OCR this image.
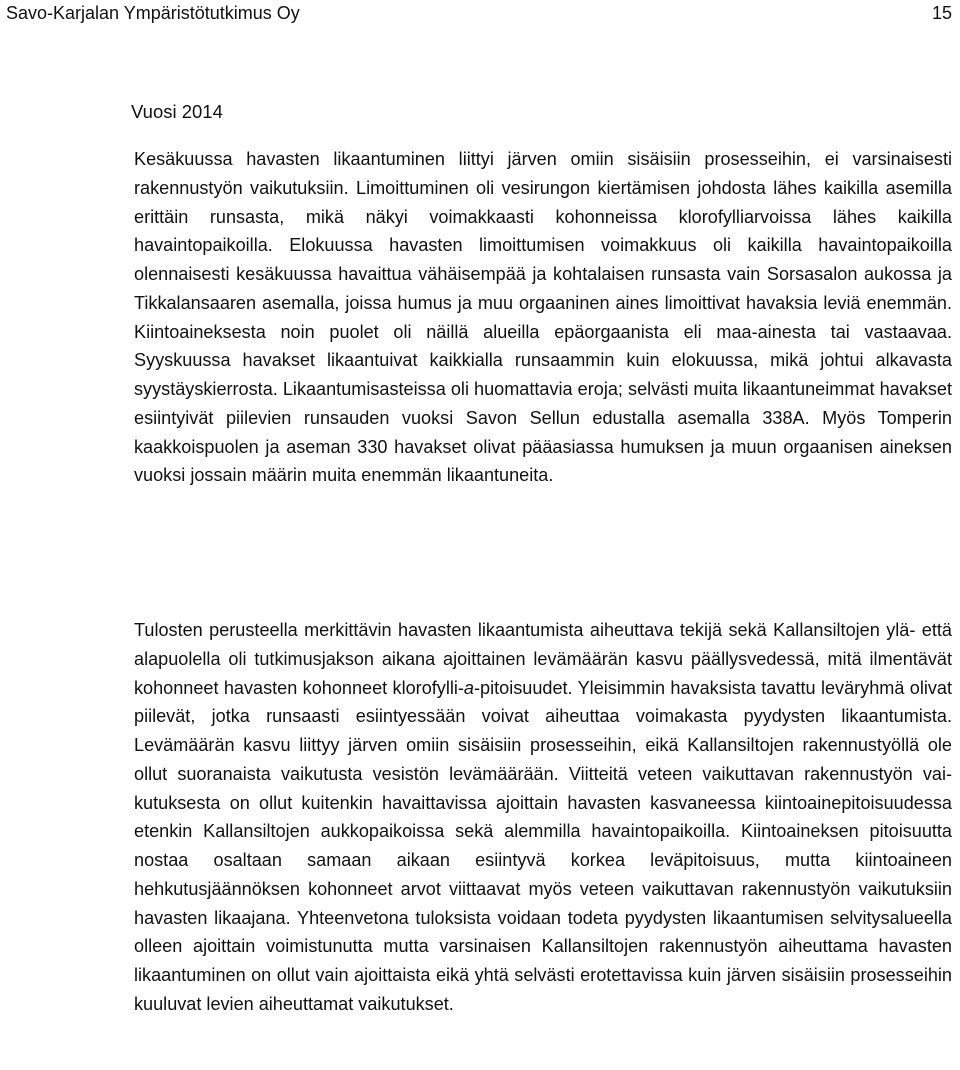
Savo-Karjalan Ympäristötutkimus Oy	15
Vuosi 2014

Kesäkuussa havasten likaantuminen liittyi järven omiin sisäisiin prosesseihin, ei varsinaisesti rakennustyön vaikutuksiin. Limoittuminen oli vesirungon kiertämisen johdosta lähes kaikilla asemilla erittäin runsasta, mikä näkyi voimakkaasti kohonneissa klorofylliarvoissa lähes kaikilla havaintopaikoilla. Elokuussa havasten limoittumisen voimakkuus oli kaikilla havaintopaikoilla olennaisesti kesäkuussa havaittua vähäisempää ja kohtalaisen runsasta vain Sorsasalon aukossa ja Tikkalansaaren asemalla, joissa humus ja muu orgaaninen aines limoittivat havaksia leviä enemmän. Kiintoaineksesta noin puolet oli näillä alueilla epäorgaanista eli maa-ainesta tai vastaavaa. Syyskuussa havakset likaantuivat kaikkialla runsaammin kuin elokuussa, mikä johtui alkavasta syystäyskierrosta. Likaantumisasteissa oli huomattavia eroja; selvästi muita likaantuneimmat havakset esiintyivät piilevien runsauden vuoksi Savon Sellun edustalla asemalla 338A. Myös Tomperin kaakkoispuolen ja aseman 330 havakset olivat pääasiassa humuksen ja muun orgaanisen aineksen vuoksi jossain määrin muita enemmän likaantuneita.

Tulosten perusteella merkittävin havasten likaantumista aiheuttava tekijä sekä Kallansiltojen ylä- että alapuolella oli tutkimusjakson aikana ajoittainen levämäärän kasvu päällysvedessä, mitä ilmentävät kohonneet havasten kohonneet klorofylli-a-pitoisuudet. Yleisimmin havaksista tavattu leväryhmä olivat piilevät, jotka runsaasti esiintyessään voivat aiheuttaa voimakasta pyydysten likaantumista. Levämäärän kasvu liittyy järven omiin sisäisiin prosesseihin, eikä Kallansiltojen rakennustyöllä ole ollut suoranaista vaikutusta vesistön levämäärään. Viitteitä veteen vaikuttavan rakennustyön vaikutuksesta on ollut kuitenkin havaittavissa ajoittain havasten kasvaneessa kiintoainepitoisuudessa etenkin Kallansiltojen aukkopaikoissa sekä alemmilla havaintopaikoilla. Kiintoaineksen pitoisuutta nostaa osaltaan samaan aikaan esiintyvä korkea leväpitoisuus, mutta kiintoaineen hehkutusjäännöksen kohonneet arvot viittaavat myös veteen vaikuttavan rakennustyön vaikutuksiin havasten likaajana. Yhteenvetona tuloksista voidaan todeta pyydysten likaantumisen selvitysalueella olleen ajoittain voimistunutta mutta varsinaisen Kallansiltojen rakennustyön aiheuttama havasten likaantuminen on ollut vain ajoittaista eikä yhtä selvästi erotettavissa kuin järven sisäisiin prosesseihin kuuluvat levien aiheuttamat vaikutukset.
